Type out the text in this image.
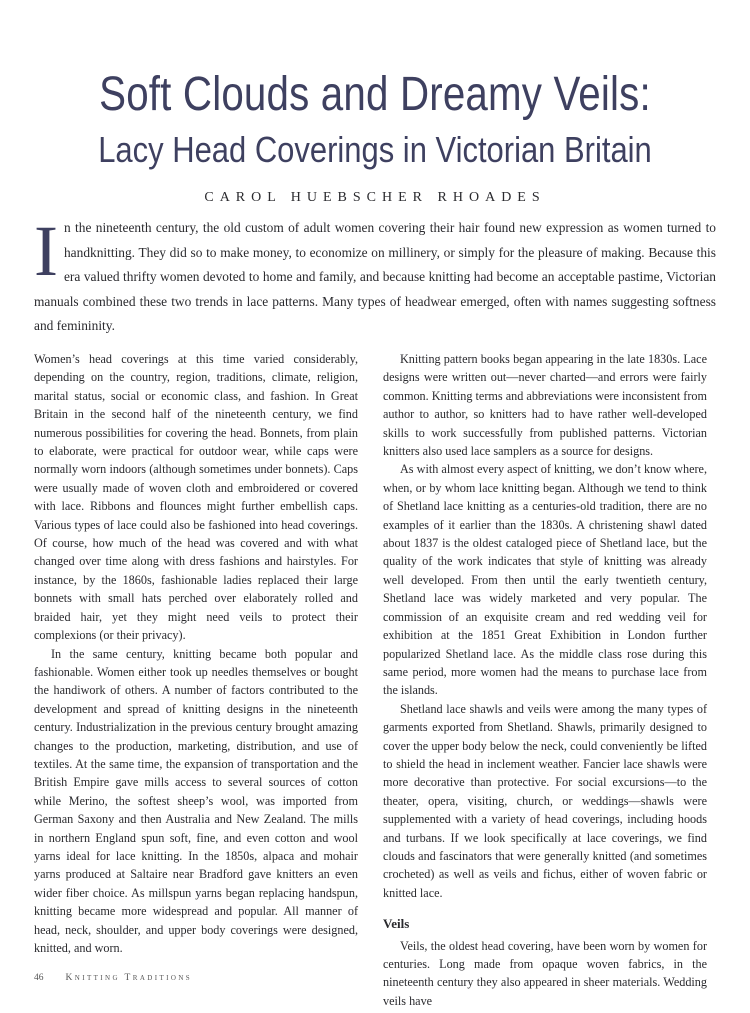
Soft Clouds and Dreamy Veils:
Lacy Head Coverings in Victorian Britain
CAROL HUEBSCHER RHOADES

In the nineteenth century, the old custom of adult women covering their hair found new expression as women turned to handknitting. They did so to make money, to economize on millinery, or simply for the pleasure of making. Because this era valued thrifty women devoted to home and family, and because knitting had become an acceptable pastime, Victorian manuals combined these two trends in lace patterns. Many types of headwear emerged, often with names suggesting softness and femininity.

Women’s head coverings at this time varied considerably, depending on the country, region, traditions, climate, religion, marital status, social or economic class, and fashion. In Great Britain in the second half of the nineteenth century, we find numerous possibilities for covering the head. Bonnets, from plain to elaborate, were practical for outdoor wear, while caps were normally worn indoors (although sometimes under bonnets). Caps were usually made of woven cloth and embroidered or covered with lace. Ribbons and flounces might further embellish caps. Various types of lace could also be fashioned into head coverings. Of course, how much of the head was covered and with what changed over time along with dress fashions and hairstyles. For instance, by the 1860s, fashionable ladies replaced their large bonnets with small hats perched over elaborately rolled and braided hair, yet they might need veils to protect their complexions (or their privacy).

In the same century, knitting became both popular and fashionable. Women either took up needles themselves or bought the handiwork of others. A number of factors contributed to the development and spread of knitting designs in the nineteenth century. Industrialization in the previous century brought amazing changes to the production, marketing, distribution, and use of textiles. At the same time, the expansion of transportation and the British Empire gave mills access to several sources of cotton while Merino, the softest sheep’s wool, was imported from German Saxony and then Australia and New Zealand. The mills in northern England spun soft, fine, and even cotton and wool yarns ideal for lace knitting. In the 1850s, alpaca and mohair yarns produced at Saltaire near Bradford gave knitters an even wider fiber choice. As millspun yarns began replacing handspun, knitting became more widespread and popular. All manner of head, neck, shoulder, and upper body coverings were designed, knitted, and worn.

Knitting pattern books began appearing in the late 1830s. Lace designs were written out—never charted—and errors were fairly common. Knitting terms and abbreviations were inconsistent from author to author, so knitters had to have rather well-developed skills to work successfully from published patterns. Victorian knitters also used lace samplers as a source for designs.

As with almost every aspect of knitting, we don’t know where, when, or by whom lace knitting began. Although we tend to think of Shetland lace knitting as a centuries-old tradition, there are no examples of it earlier than the 1830s. A christening shawl dated about 1837 is the oldest cataloged piece of Shetland lace, but the quality of the work indicates that style of knitting was already well developed. From then until the early twentieth century, Shetland lace was widely marketed and very popular. The commission of an exquisite cream and red wedding veil for exhibition at the 1851 Great Exhibition in London further popularized Shetland lace. As the middle class rose during this same period, more women had the means to purchase lace from the islands.

Shetland lace shawls and veils were among the many types of garments exported from Shetland. Shawls, primarily designed to cover the upper body below the neck, could conveniently be lifted to shield the head in inclement weather. Fancier lace shawls were more decorative than protective. For social excursions—to the theater, opera, visiting, church, or weddings—shawls were supplemented with a variety of head coverings, including hoods and turbans. If we look specifically at lace coverings, we find clouds and fascinators that were generally knitted (and sometimes crocheted) as well as veils and fichus, either of woven fabric or knitted lace.

Veils

Veils, the oldest head covering, have been worn by women for centuries. Long made from opaque woven fabrics, in the nineteenth century they also appeared in sheer materials. Wedding veils have

46 Knitting Traditions
